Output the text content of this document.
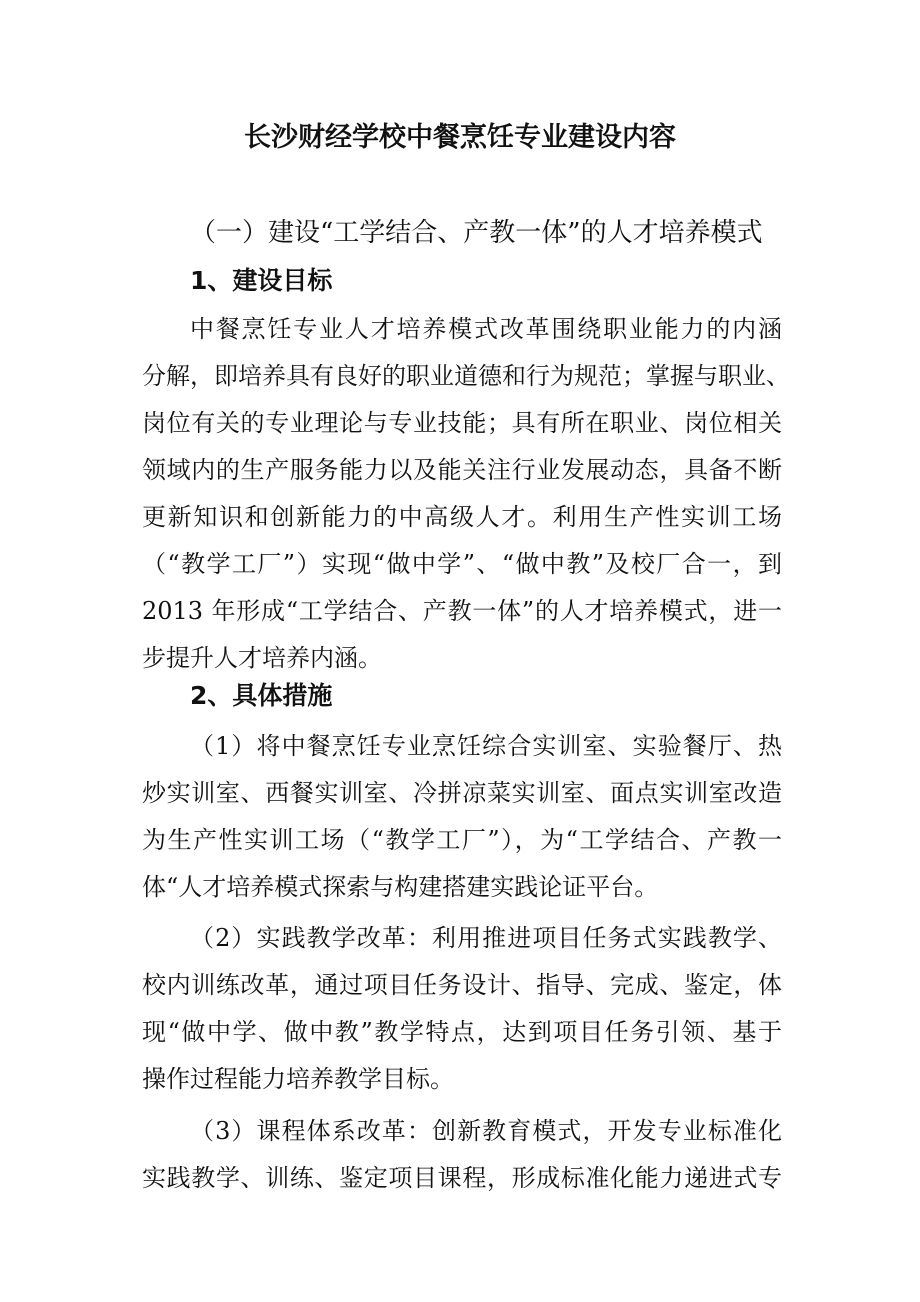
长沙财经学校中餐烹饪专业建设内容
（一）建设“工学结合、产教一体”的人才培养模式
1、建设目标
中餐烹饪专业人才培养模式改革围绕职业能力的内涵
分解，即培养具有良好的职业道德和行为规范；掌握与职业、
岗位有关的专业理论与专业技能；具有所在职业、岗位相关
领域内的生产服务能力以及能关注行业发展动态，具备不断
更新知识和创新能力的中高级人才。利用生产性实训工场
（“教学工厂”）实现“做中学”、“做中教”及校厂合一，到
2013 年形成“工学结合、产教一体”的人才培养模式，进一
步提升人才培养内涵。
2、具体措施
（1）将中餐烹饪专业烹饪综合实训室、实验餐厅、热
炒实训室、西餐实训室、冷拼凉菜实训室、面点实训室改造
为生产性实训工场（“教学工厂”），为“工学结合、产教一
体“人才培养模式探索与构建搭建实践论证平台。
（2）实践教学改革：利用推进项目任务式实践教学、
校内训练改革，通过项目任务设计、指导、完成、鉴定，体
现“做中学、做中教”教学特点，达到项目任务引领、基于
操作过程能力培养教学目标。
（3）课程体系改革：创新教育模式，开发专业标准化
实践教学、训练、鉴定项目课程，形成标准化能力递进式专
